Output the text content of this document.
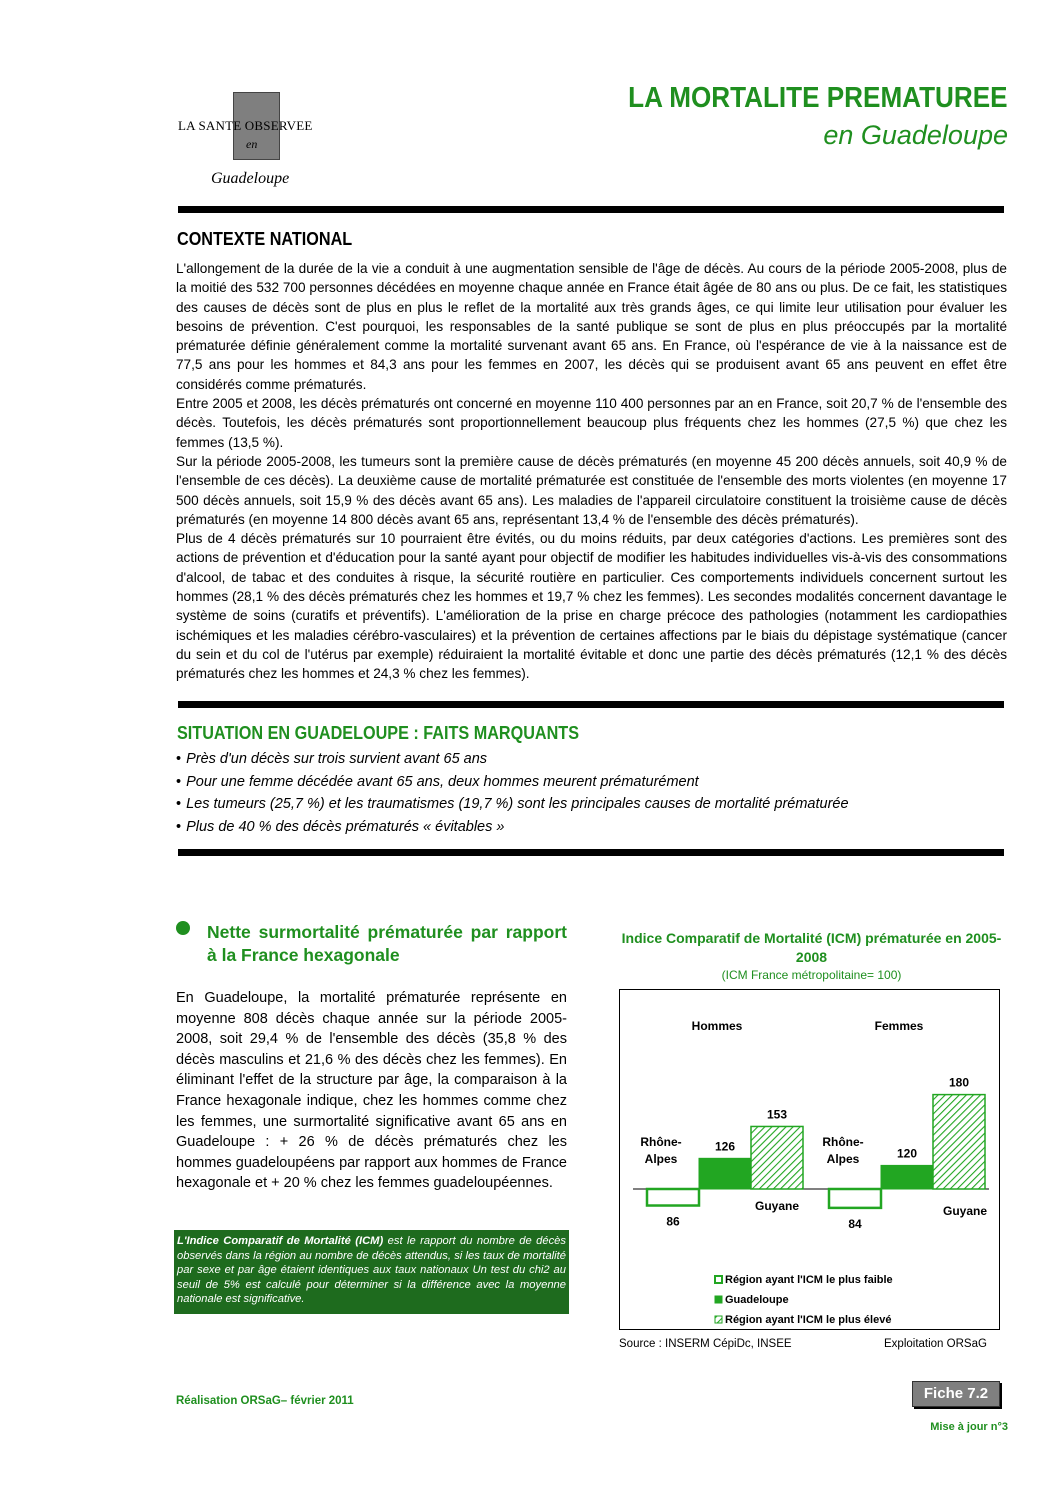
LA SANTE OBSERVEE
en
Guadeloupe
LA MORTALITE PREMATUREE
en Guadeloupe
CONTEXTE NATIONAL

L'allongement de la durée de la vie a conduit à une augmentation sensible de l'âge de décès. Au cours de la période 2005-2008, plus de la moitié des 532 700 personnes décédées en moyenne chaque année en France était âgée de 80 ans ou plus. De ce fait, les statistiques des causes de décès sont de plus en plus le reflet de la mortalité aux très grands âges, ce qui limite leur utilisation pour évaluer les besoins de prévention. C'est pourquoi, les responsables de la santé publique se sont de plus en plus préoccupés par la mortalité prématurée définie généralement comme la mortalité survenant avant 65 ans. En France, où l'espérance de vie à la naissance est de 77,5 ans pour les hommes et 84,3 ans pour les femmes en 2007, les décès qui se produisent avant 65 ans peuvent en effet être considérés comme prématurés.

Entre 2005 et 2008, les décès prématurés ont concerné en moyenne 110 400 personnes par an en France, soit 20,7 % de l'ensemble des décès. Toutefois, les décès prématurés sont proportionnellement beaucoup plus fréquents chez les hommes (27,5 %) que chez les femmes (13,5 %).

Sur la période 2005-2008, les tumeurs sont la première cause de décès prématurés (en moyenne 45 200 décès annuels, soit 40,9 % de l'ensemble de ces décès). La deuxième cause de mortalité prématurée est constituée de l'ensemble des morts violentes (en moyenne 17 500 décès annuels, soit 15,9 % des décès avant 65 ans). Les maladies de l'appareil circulatoire constituent la troisième cause de décès prématurés (en moyenne 14 800 décès avant 65 ans, représentant 13,4 % de l'ensemble des décès prématurés).

Plus de 4 décès prématurés sur 10 pourraient être évités, ou du moins réduits, par deux catégories d'actions. Les premières sont des actions de prévention et d'éducation pour la santé ayant pour objectif de modifier les habitudes individuelles vis-à-vis des consommations d'alcool, de tabac et des conduites à risque, la sécurité routière en particulier. Ces comportements individuels concernent surtout les hommes (28,1 % des décès prématurés chez les hommes et 19,7 % chez les femmes). Les secondes modalités concernent davantage le système de soins (curatifs et préventifs). L'amélioration de la prise en charge précoce des pathologies (notamment les cardiopathies ischémiques et les maladies cérébro-vasculaires) et la prévention de certaines affections par le biais du dépistage systématique (cancer du sein et du col de l'utérus par exemple) réduiraient la mortalité évitable et donc une partie des décès prématurés (12,1 % des décès prématurés chez les hommes et 24,3 % chez les femmes).

SITUATION EN GUADELOUPE : FAITS MARQUANTS
• Près d'un décès sur trois survient avant 65 ans
• Pour une femme décédée avant 65 ans, deux hommes meurent prématurément
• Les tumeurs (25,7 %) et les traumatismes (19,7 %) sont les principales causes de mortalité prématurée
• Plus de 40 % des décès prématurés « évitables »
Nette surmortalité prématurée par rapport à la France hexagonale
En Guadeloupe, la mortalité prématurée représente en moyenne 808 décès chaque année sur la période 2005-2008, soit 29,4 % de l'ensemble des décès (35,8 % des décès masculins et 21,6 % des décès chez les femmes). En éliminant l'effet de la structure par âge, la comparaison à la France hexagonale indique, chez les hommes comme chez les femmes, une surmortalité significative avant 65 ans en Guadeloupe : + 26 % de décès prématurés chez les hommes guadeloupéens par rapport aux hommes de France hexagonale et + 20 % chez les femmes guadeloupéennes.
L'Indice Comparatif de Mortalité (ICM) est le rapport du nombre de décès observés dans la région au nombre de décès attendus, si les taux de mortalité par sexe et par âge étaient identiques aux taux nationaux Un test du chi2 au seuil de 5% est calculé pour déterminer si la différence avec la moyenne nationale est significative.
Indice Comparatif de Mortalité (ICM) prématurée en 2005-2008
(ICM France métropolitaine= 100)
Hommes
86
126
153
Rhône-
Alpes
Guyane
Femmes
84
120
180
Rhône-
Alpes
Guyane
Région ayant l'ICM le plus faible
Guadeloupe
Région ayant l'ICM le plus élevé
Source : INSERM CépiDc, INSEE	Exploitation ORSaG
Réalisation ORSaG– février 2011	Fiche 7.2
Mise à jour n°3
